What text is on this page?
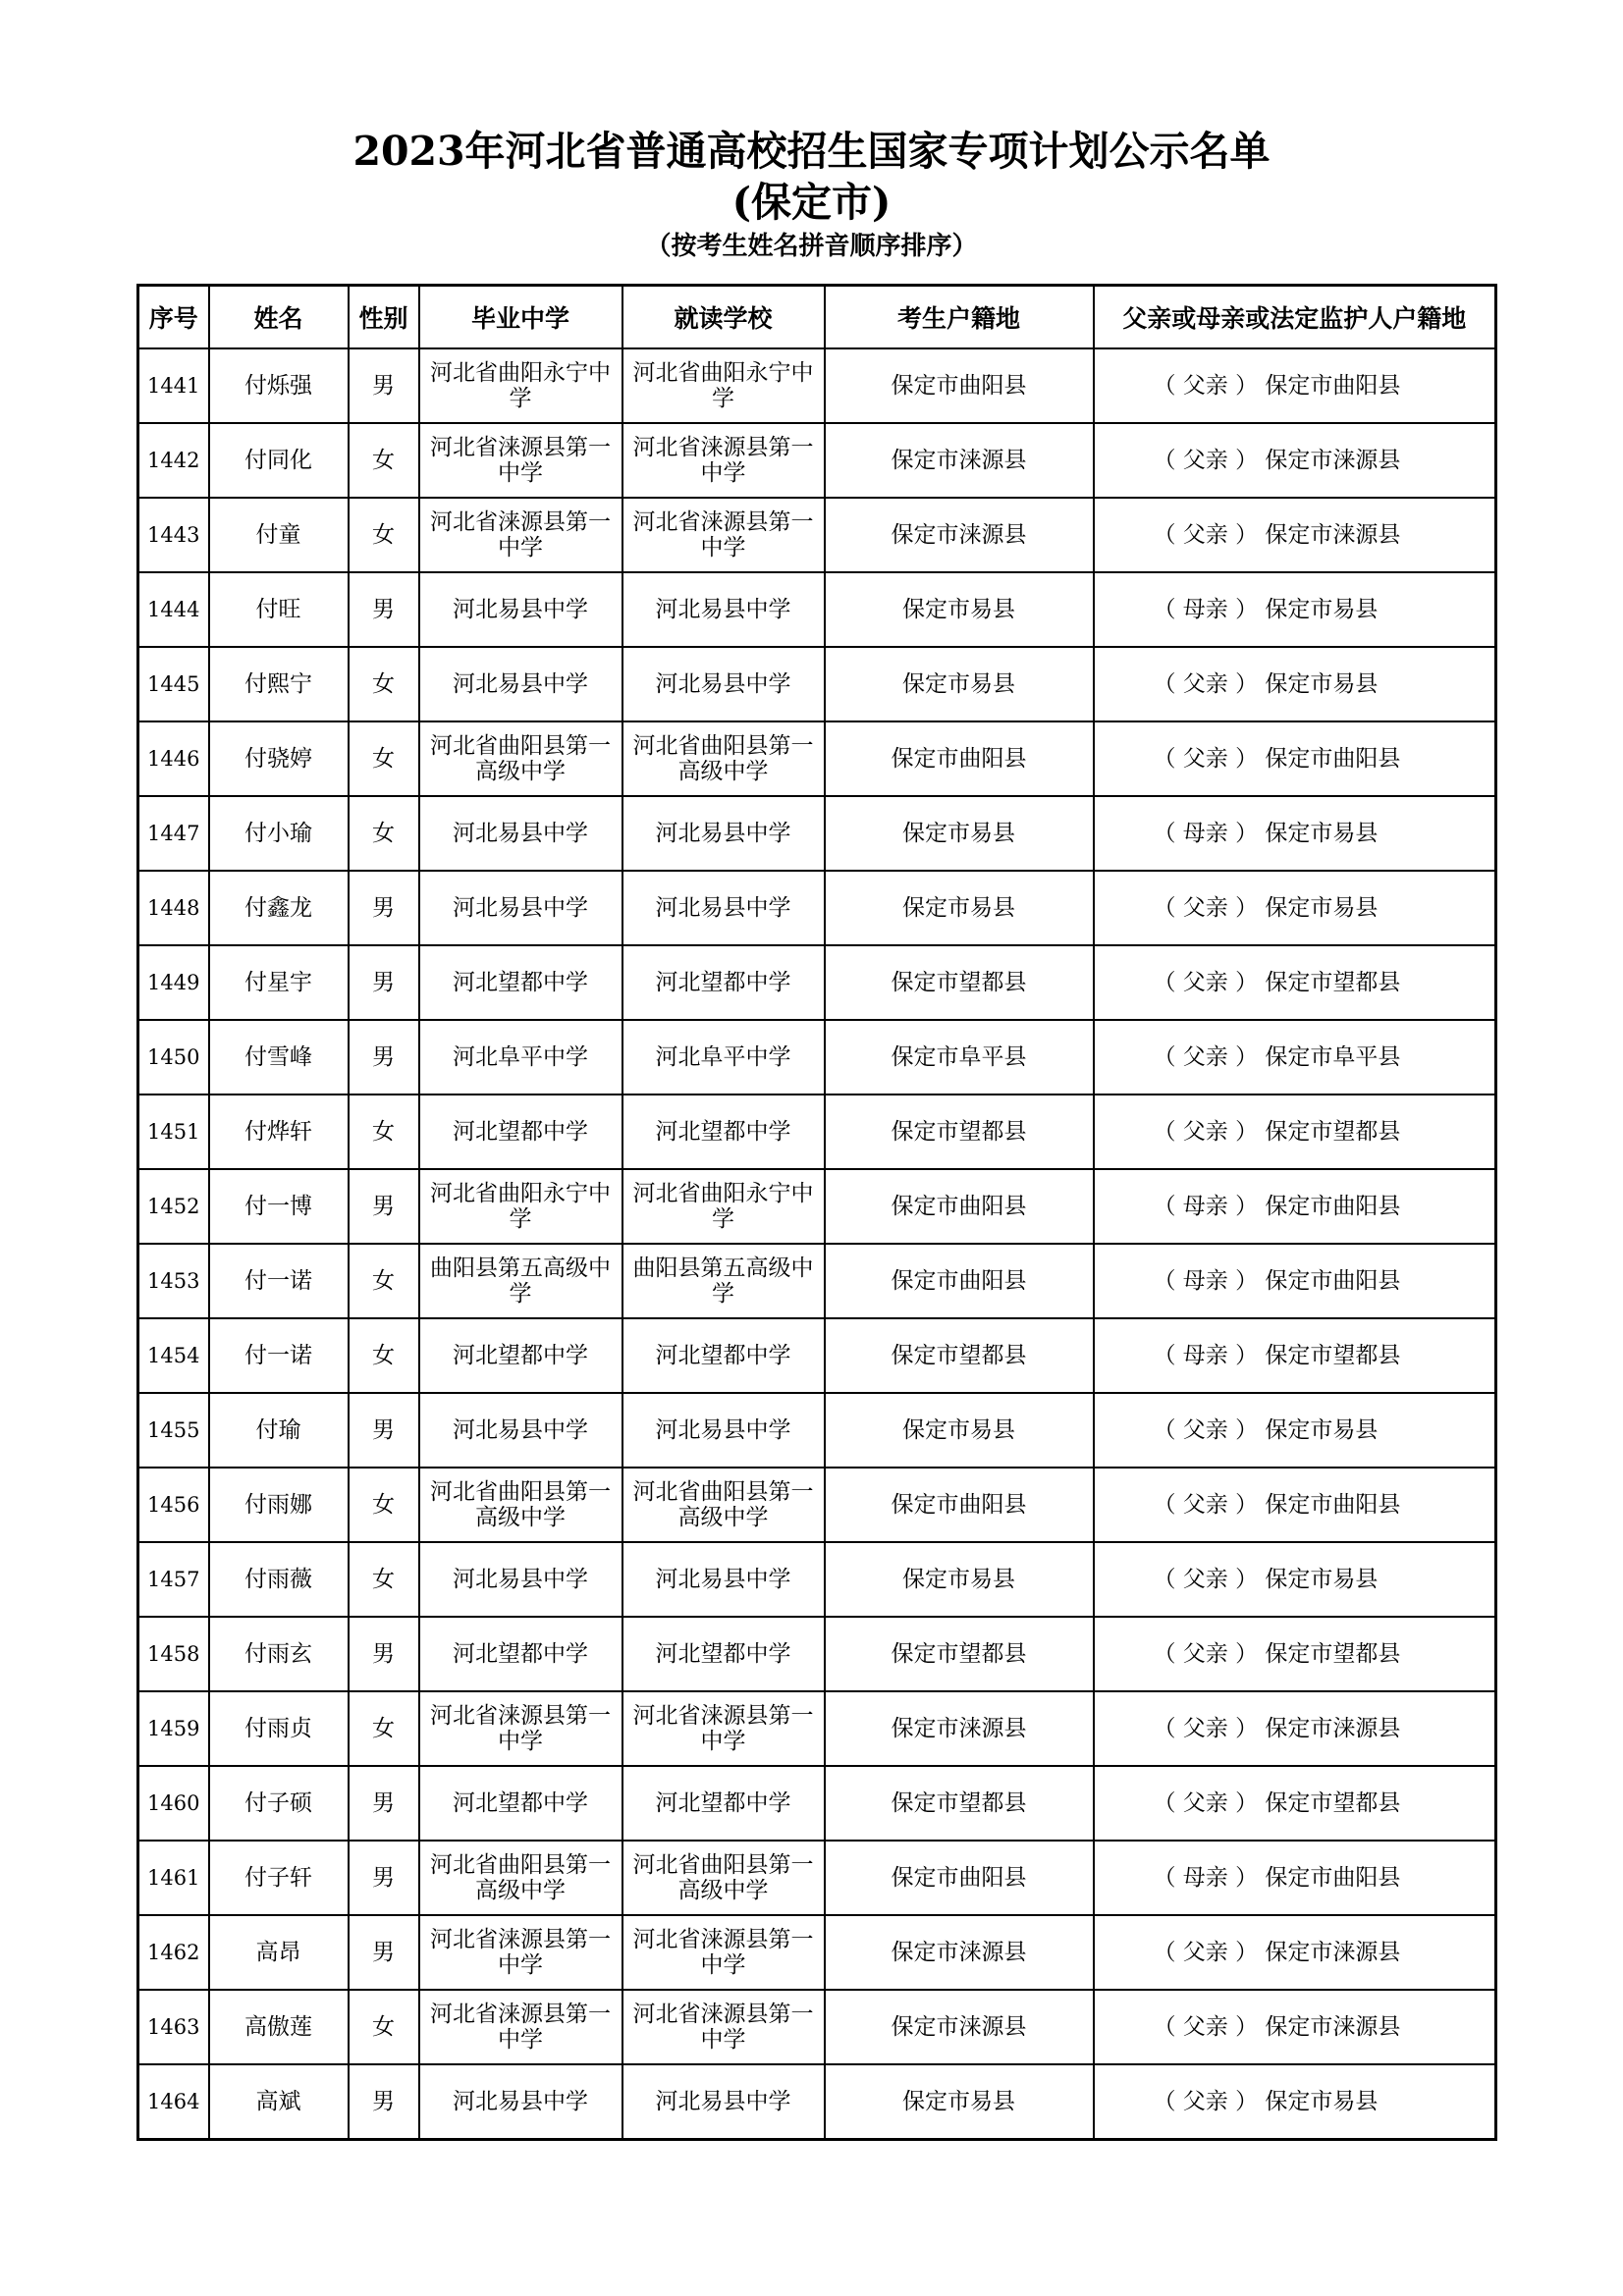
2023年河北省普通高校招生国家专项计划公示名单
(保定市)
（按考生姓名拼音顺序排序）
序号	姓名	性别	毕业中学	就读学校	考生户籍地	父亲或母亲或法定监护人户籍地
1441	付烁强	男	河北省曲阳永宁中学	河北省曲阳永宁中学	保定市曲阳县	（ 父亲 ） 保定市曲阳县
1442	付同化	女	河北省涞源县第一中学	河北省涞源县第一中学	保定市涞源县	（ 父亲 ） 保定市涞源县
1443	付童	女	河北省涞源县第一中学	河北省涞源县第一中学	保定市涞源县	（ 父亲 ） 保定市涞源县
1444	付旺	男	河北易县中学	河北易县中学	保定市易县	（ 母亲 ） 保定市易县
1445	付熙宁	女	河北易县中学	河北易县中学	保定市易县	（ 父亲 ） 保定市易县
1446	付骁婷	女	河北省曲阳县第一高级中学	河北省曲阳县第一高级中学	保定市曲阳县	（ 父亲 ） 保定市曲阳县
1447	付小瑜	女	河北易县中学	河北易县中学	保定市易县	（ 母亲 ） 保定市易县
1448	付鑫龙	男	河北易县中学	河北易县中学	保定市易县	（ 父亲 ） 保定市易县
1449	付星宇	男	河北望都中学	河北望都中学	保定市望都县	（ 父亲 ） 保定市望都县
1450	付雪峰	男	河北阜平中学	河北阜平中学	保定市阜平县	（ 父亲 ） 保定市阜平县
1451	付烨轩	女	河北望都中学	河北望都中学	保定市望都县	（ 父亲 ） 保定市望都县
1452	付一博	男	河北省曲阳永宁中学	河北省曲阳永宁中学	保定市曲阳县	（ 母亲 ） 保定市曲阳县
1453	付一诺	女	曲阳县第五高级中学	曲阳县第五高级中学	保定市曲阳县	（ 母亲 ） 保定市曲阳县
1454	付一诺	女	河北望都中学	河北望都中学	保定市望都县	（ 母亲 ） 保定市望都县
1455	付瑜	男	河北易县中学	河北易县中学	保定市易县	（ 父亲 ） 保定市易县
1456	付雨娜	女	河北省曲阳县第一高级中学	河北省曲阳县第一高级中学	保定市曲阳县	（ 父亲 ） 保定市曲阳县
1457	付雨薇	女	河北易县中学	河北易县中学	保定市易县	（ 父亲 ） 保定市易县
1458	付雨玄	男	河北望都中学	河北望都中学	保定市望都县	（ 父亲 ） 保定市望都县
1459	付雨贞	女	河北省涞源县第一中学	河北省涞源县第一中学	保定市涞源县	（ 父亲 ） 保定市涞源县
1460	付子硕	男	河北望都中学	河北望都中学	保定市望都县	（ 父亲 ） 保定市望都县
1461	付子轩	男	河北省曲阳县第一高级中学	河北省曲阳县第一高级中学	保定市曲阳县	（ 母亲 ） 保定市曲阳县
1462	高昂	男	河北省涞源县第一中学	河北省涞源县第一中学	保定市涞源县	（ 父亲 ） 保定市涞源县
1463	高傲莲	女	河北省涞源县第一中学	河北省涞源县第一中学	保定市涞源县	（ 父亲 ） 保定市涞源县
1464	高斌	男	河北易县中学	河北易县中学	保定市易县	（ 父亲 ） 保定市易县
